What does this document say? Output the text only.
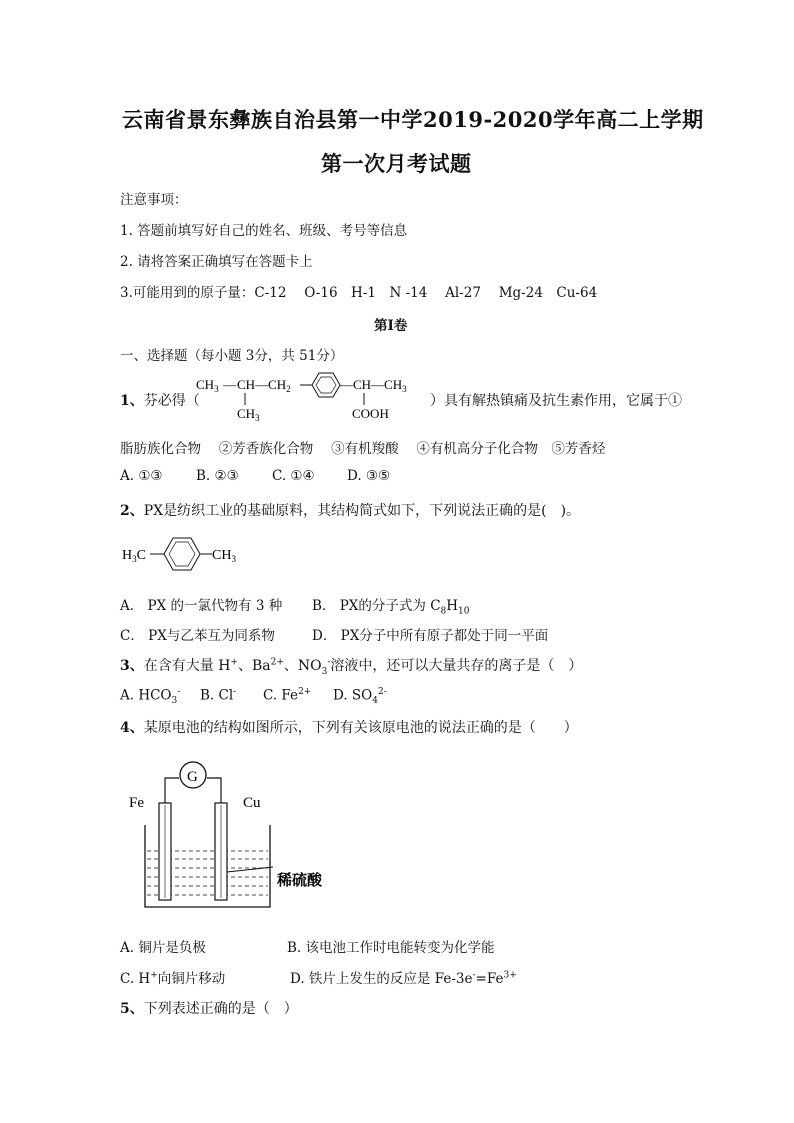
云南省景东彝族自治县第一中学2019-2020学年高二上学期
第一次月考试题
注意事项：
1. 答题前填写好自己的姓名、班级、考号等信息
2. 请将答案正确填写在答题卡上
3.可能用到的原子量：C-12　 O-16　H-1　N -14　 Al-27　 Mg-24　Cu-64
第Ⅰ卷
一、选择题（每小题 3分，共 51分）
1、芬必得（
$CH_3$ — $CH—CH_2$
$CH_3$
$—CH—CH_3$
COOH
）具有解热镇痛及抗生素作用，它属于①
脂肪族化合物　 ②芳香族化合物　 ③有机羧酸　 ④有机高分子化合物　⑤芳香烃
A. ①③ B. ②③ C. ①④ D. ③⑤
2、PX是纺织工业的基础原料，其结构简式如下，下列说法正确的是(　)。
$H_3C$	$CH_3$
A． PX 的一氯代物有 3 种 B． PX的分子式为 $C_8H_{10}$
C． PX与乙苯互为同系物	D． PX分子中所有原子都处于同一平面
3、在含有大量 H+、$Ba^{2+}$、$NO_3^-$溶液中，还可以大量共存的离子是（　）
A. $HCO_3^-$ B. Cl- C. $Fe^{2+}$ D. $SO_4^{2-}$
4、某原电池的结构如图所示，下列有关该原电池的说法正确的是（　　）
G
Fe	Cu
稀硫酸
A. 铜片是负极	B. 该电池工作时电能转变为化学能
C. H+向铜片移动	D. 铁片上发生的反应是 $Fe-3e^-=Fe^{3+}$
5、下列表述正确的是（　）
